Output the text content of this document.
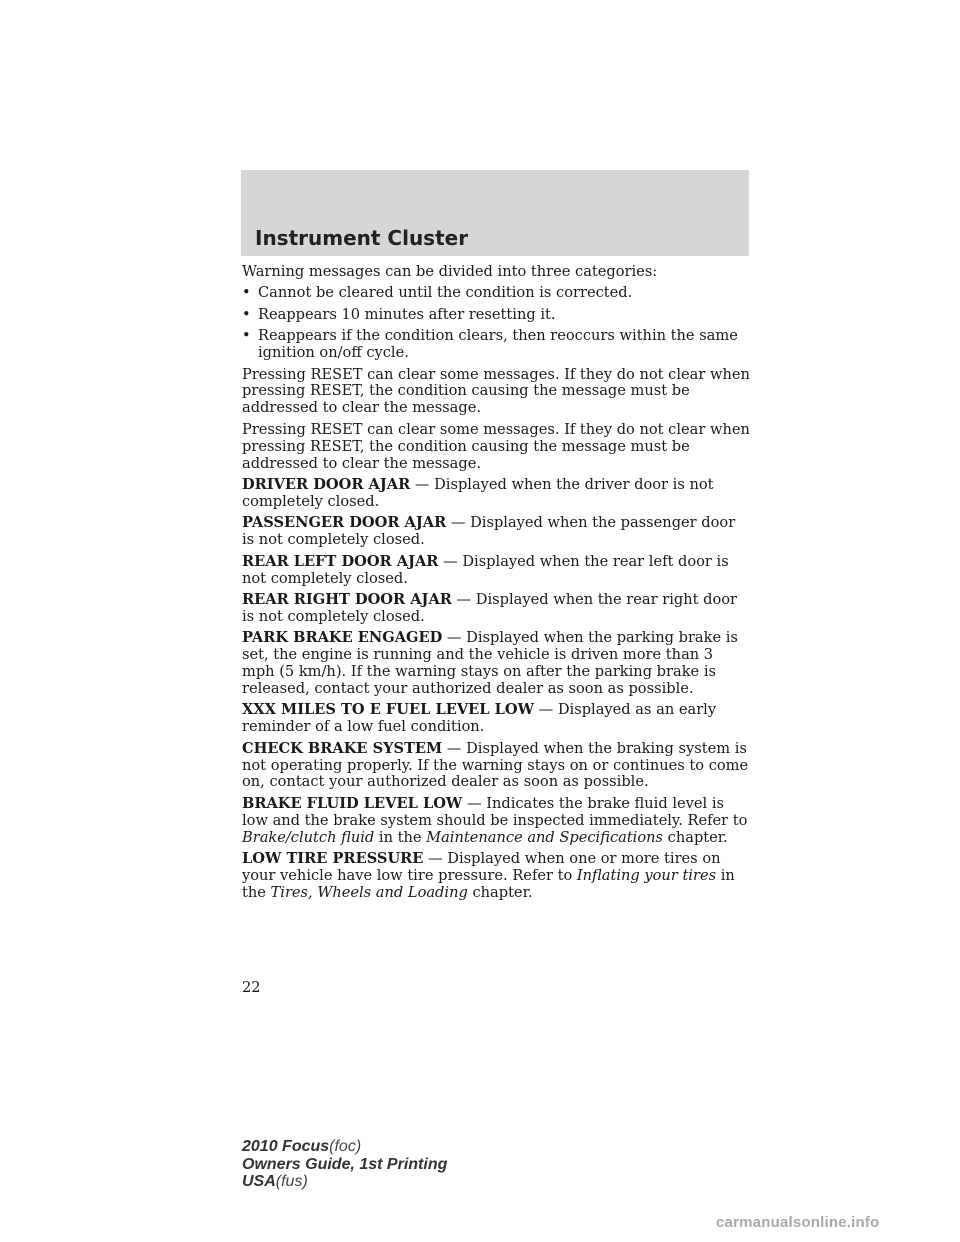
Instrument Cluster

Warning messages can be divided into three categories:

• Cannot be cleared until the condition is corrected.
• Reappears 10 minutes after resetting it.
• Reappears if the condition clears, then reoccurs within the same ignition on/off cycle.

Pressing RESET can clear some messages. If they do not clear when pressing RESET, the condition causing the message must be addressed to clear the message.

Pressing RESET can clear some messages. If they do not clear when pressing RESET, the condition causing the message must be addressed to clear the message.

DRIVER DOOR AJAR — Displayed when the driver door is not completely closed.

PASSENGER DOOR AJAR — Displayed when the passenger door is not completely closed.

REAR LEFT DOOR AJAR — Displayed when the rear left door is not completely closed.

REAR RIGHT DOOR AJAR — Displayed when the rear right door is not completely closed.

PARK BRAKE ENGAGED — Displayed when the parking brake is set, the engine is running and the vehicle is driven more than 3 mph (5 km/h). If the warning stays on after the parking brake is released, contact your authorized dealer as soon as possible.

XXX MILES TO E FUEL LEVEL LOW — Displayed as an early reminder of a low fuel condition.

CHECK BRAKE SYSTEM — Displayed when the braking system is not operating properly. If the warning stays on or continues to come on, contact your authorized dealer as soon as possible.

BRAKE FLUID LEVEL LOW — Indicates the brake fluid level is low and the brake system should be inspected immediately. Refer to Brake/clutch fluid in the Maintenance and Specifications chapter.

LOW TIRE PRESSURE — Displayed when one or more tires on your vehicle have low tire pressure. Refer to Inflating your tires in the Tires, Wheels and Loading chapter.

22
2010 Focus(foc)
Owners Guide, 1st Printing
USA(fus)
carmanualsonline.info
